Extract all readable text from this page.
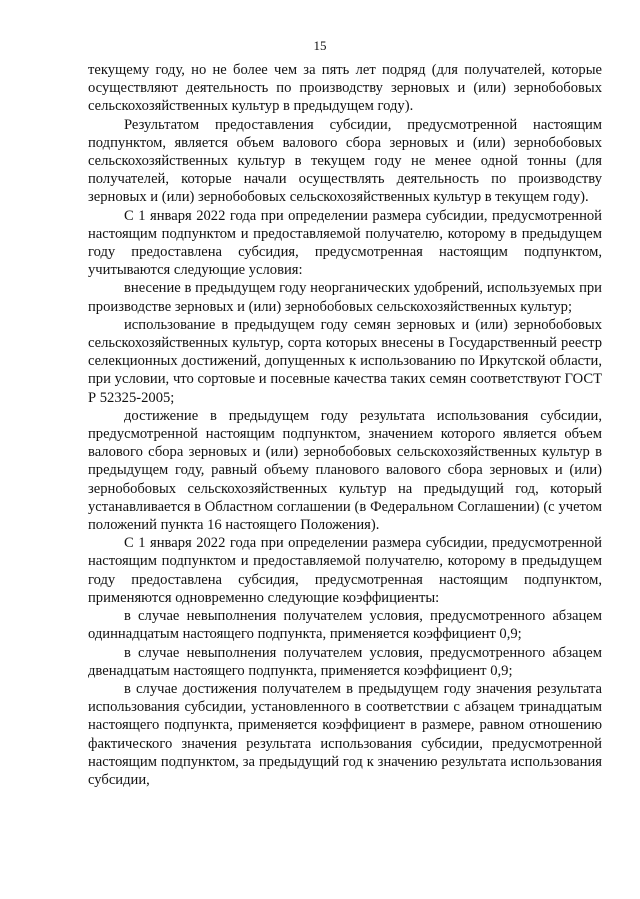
15

текущему году, но не более чем за пять лет подряд (для получателей, которые осуществляют деятельность по производству зерновых и (или) зернобобовых сельскохозяйственных культур в предыдущем году).

Результатом предоставления субсидии, предусмотренной настоящим подпунктом, является объем валового сбора зерновых и (или) зернобобовых сельскохозяйственных культур в текущем году не менее одной тонны (для получателей, которые начали осуществлять деятельность по производству зерновых и (или) зернобобовых сельскохозяйственных культур в текущем году).

С 1 января 2022 года при определении размера субсидии, предусмотренной настоящим подпунктом и предоставляемой получателю, которому в предыдущем году предоставлена субсидия, предусмотренная настоящим подпунктом, учитываются следующие условия:

внесение в предыдущем году неорганических удобрений, используемых при производстве зерновых и (или) зернобобовых сельскохозяйственных культур;

использование в предыдущем году семян зерновых и (или) зернобобовых сельскохозяйственных культур, сорта которых внесены в Государственный реестр селекционных достижений, допущенных к использованию по Иркутской области, при условии, что сортовые и посевные качества таких семян соответствуют ГОСТ Р 52325-2005;

достижение в предыдущем году результата использования субсидии, предусмотренной настоящим подпунктом, значением которого является объем валового сбора зерновых и (или) зернобобовых сельскохозяйственных культур в предыдущем году, равный объему планового валового сбора зерновых и (или) зернобобовых сельскохозяйственных культур на предыдущий год, который устанавливается в Областном соглашении (в Федеральном Соглашении) (с учетом положений пункта 16 настоящего Положения).

С 1 января 2022 года при определении размера субсидии, предусмотренной настоящим подпунктом и предоставляемой получателю, которому в предыдущем году предоставлена субсидия, предусмотренная настоящим подпунктом, применяются одновременно следующие коэффициенты:

в случае невыполнения получателем условия, предусмотренного абзацем одиннадцатым настоящего подпункта, применяется коэффициент 0,9;

в случае невыполнения получателем условия, предусмотренного абзацем двенадцатым настоящего подпункта, применяется коэффициент 0,9;

в случае достижения получателем в предыдущем году значения результата использования субсидии, установленного в соответствии с абзацем тринадцатым настоящего подпункта, применяется коэффициент в размере, равном отношению фактического значения результата использования субсидии, предусмотренной настоящим подпунктом, за предыдущий год к значению результата использования субсидии,
